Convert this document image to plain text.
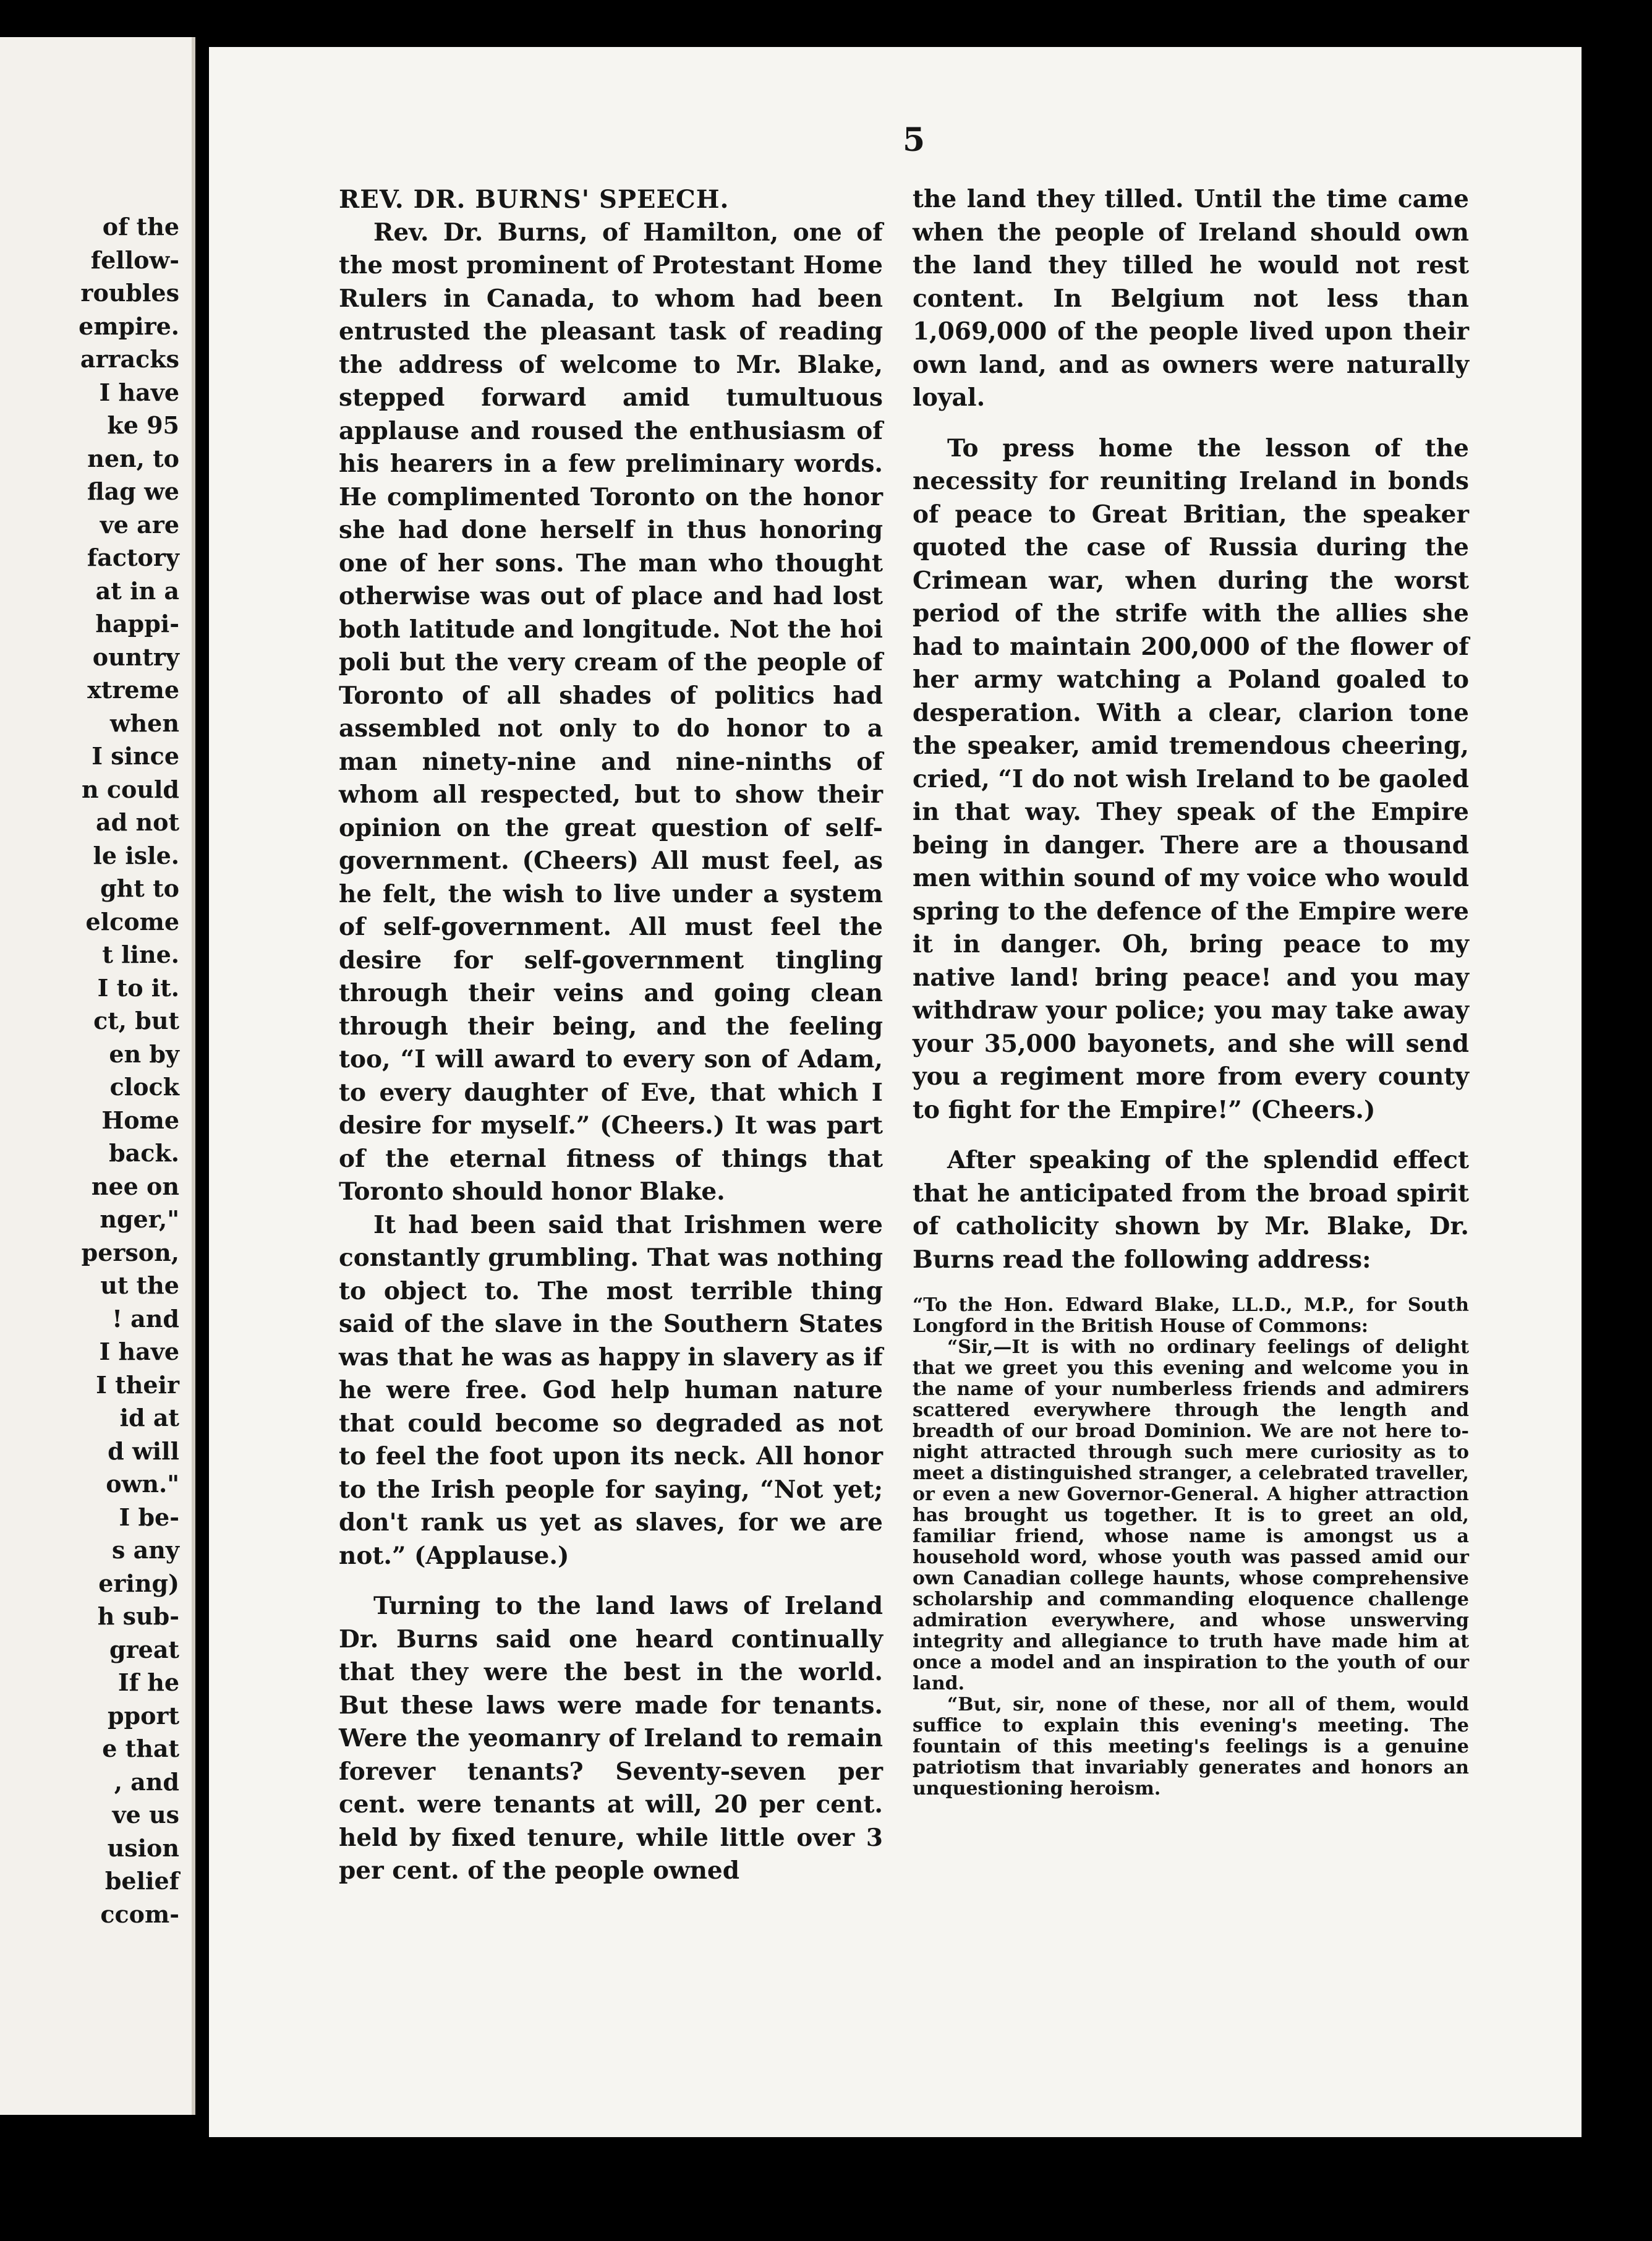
of the
fellow-
roubles
empire.
arracks
I have
ke 95
nen, to
flag we
ve are
factory
at in a
happi-
ountry
xtreme
when
I since
n could
ad not
le isle.
ght to
elcome
t line.
I to it.
ct, but
en by
clock
Home
back.
nee on
nger,"
person,
ut the
! and
I have
I their
id at
d will
own."
I be-
s any
ering)
h sub-
great
If he
pport
e that
, and
ve us
usion
belief
ccom-
5

REV. DR. BURNS' SPEECH.

Rev. Dr. Burns, of Hamilton, one of the most prominent of Protestant Home Rulers in Canada, to whom had been entrusted the pleasant task of reading the address of welcome to Mr. Blake, stepped forward amid tumultuous applause and roused the enthusiasm of his hearers in a few preliminary words. He complimented Toronto on the honor she had done herself in thus honoring one of her sons. The man who thought otherwise was out of place and had lost both latitude and longitude. Not the hoi poli but the very cream of the people of Toronto of all shades of politics had assembled not only to do honor to a man ninety-nine and nine-ninths of whom all respected, but to show their opinion on the great question of self-government. (Cheers) All must feel, as he felt, the wish to live under a system of self-government. All must feel the desire for self-government tingling through their veins and going clean through their being, and the feeling too, “I will award to every son of Adam, to every daughter of Eve, that which I desire for myself.” (Cheers.) It was part of the eternal fitness of things that Toronto should honor Blake.

It had been said that Irishmen were constantly grumbling. That was nothing to object to. The most terrible thing said of the slave in the Southern States was that he was as happy in slavery as if he were free. God help human nature that could become so degraded as not to feel the foot upon its neck. All honor to the Irish people for saying, “Not yet; don't rank us yet as slaves, for we are not.” (Applause.)

Turning to the land laws of Ireland Dr. Burns said one heard continually that they were the best in the world. But these laws were made for tenants. Were the yeomanry of Ireland to remain forever tenants? Seventy-seven per cent. were tenants at will, 20 per cent. held by fixed tenure, while little over 3 per cent. of the people owned

the land they tilled. Until the time came when the people of Ireland should own the land they tilled he would not rest content. In Belgium not less than 1,069,000 of the people lived upon their own land, and as owners were naturally loyal.

To press home the lesson of the necessity for reuniting Ireland in bonds of peace to Great Britian, the speaker quoted the case of Russia during the Crimean war, when during the worst period of the strife with the allies she had to maintain 200,000 of the flower of her army watching a Poland goaled to desperation. With a clear, clarion tone the speaker, amid tremendous cheering, cried, “I do not wish Ireland to be gaoled in that way. They speak of the Empire being in danger. There are a thousand men within sound of my voice who would spring to the defence of the Empire were it in danger. Oh, bring peace to my native land! bring peace! and you may withdraw your police; you may take away your 35,000 bayonets, and she will send you a regiment more from every county to fight for the Empire!” (Cheers.)

After speaking of the splendid effect that he anticipated from the broad spirit of catholicity shown by Mr. Blake, Dr. Burns read the following address:

“To the Hon. Edward Blake, LL.D., M.P., for South Longford in the British House of Commons:

“Sir,—It is with no ordinary feelings of delight that we greet you this evening and welcome you in the name of your numberless friends and admirers scattered everywhere through the length and breadth of our broad Dominion. We are not here to-night attracted through such mere curiosity as to meet a distinguished stranger, a celebrated traveller, or even a new Governor-General. A higher attraction has brought us together. It is to greet an old, familiar friend, whose name is amongst us a household word, whose youth was passed amid our own Canadian college haunts, whose comprehensive scholarship and commanding eloquence challenge admiration everywhere, and whose unswerving integrity and allegiance to truth have made him at once a model and an inspiration to the youth of our land.

“But, sir, none of these, nor all of them, would suffice to explain this evening's meeting. The fountain of this meeting's feelings is a genuine patriotism that invariably generates and honors an unquestioning heroism.
